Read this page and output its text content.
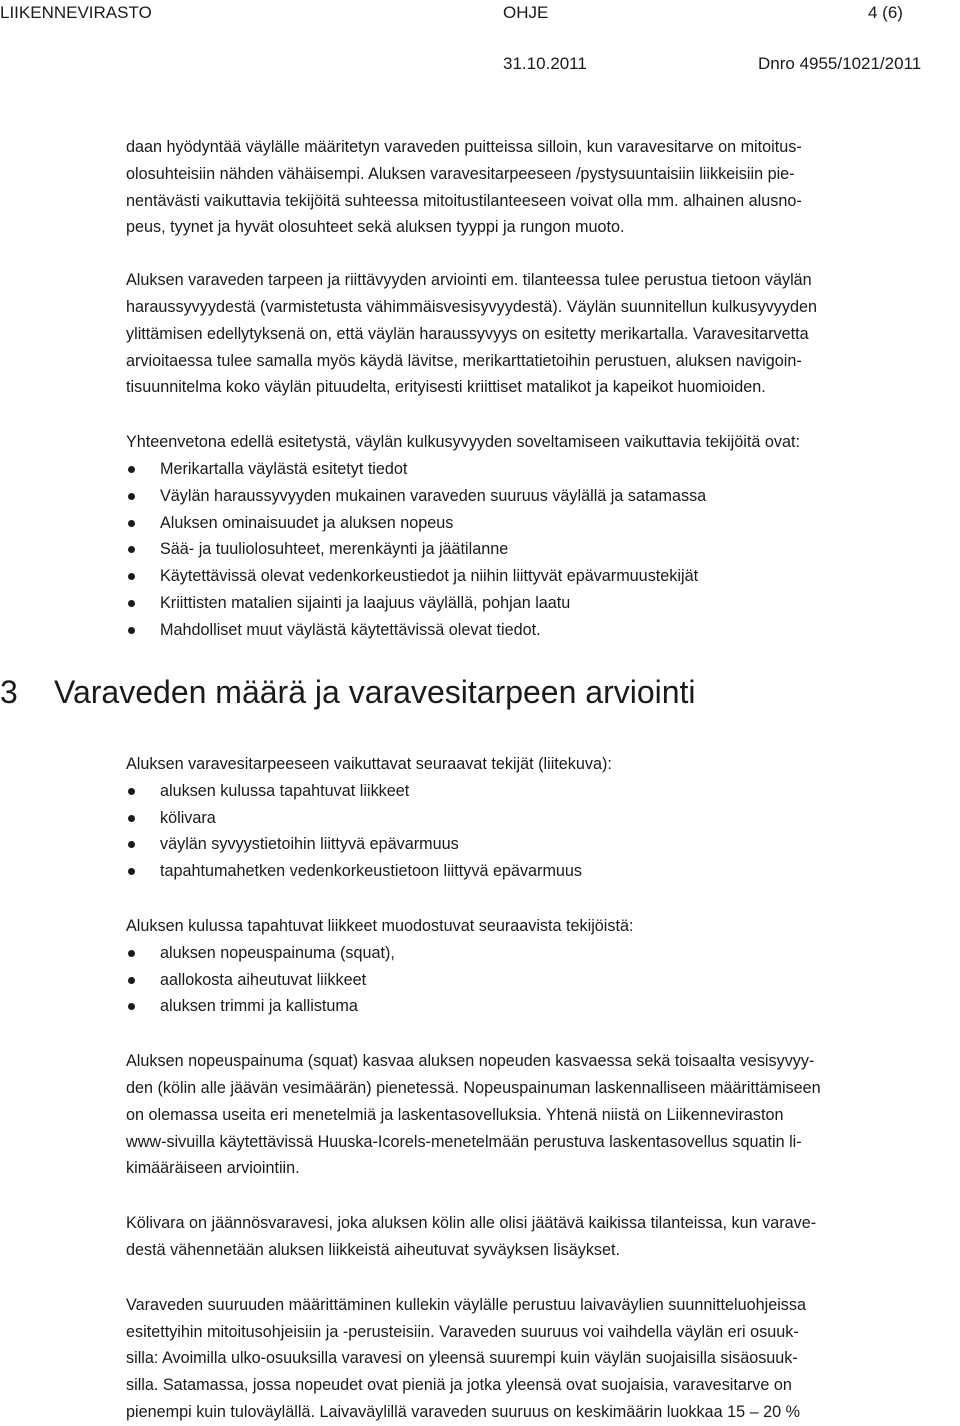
LIIKENNEVIRASTO	OHJE	4 (6)
31.10.2011	Dnro 4955/1021/2011

daan hyödyntää väylälle määritetyn varaveden puitteissa silloin, kun varavesitarve on mitoitus-
olosuhteisiin nähden vähäisempi. Aluksen varavesitarpeeseen /pystysuuntaisiin liikkeisiin pie-
nentävästi vaikuttavia tekijöitä suhteessa mitoitustilanteeseen voivat olla mm. alhainen alusno-
peus, tyynet ja hyvät olosuhteet sekä aluksen tyyppi ja rungon muoto.

Aluksen varaveden tarpeen ja riittävyyden arviointi em. tilanteessa tulee perustua tietoon väylän
haraussyvyydestä (varmistetusta vähimmäisvesisyvyydestä). Väylän suunnitellun kulkusyvyyden
ylittämisen edellytyksenä on, että väylän haraussyvyys on esitetty merikartalla. Varavesitarvetta
arvioitaessa tulee samalla myös käydä lävitse, merikarttatietoihin perustuen, aluksen navigoin-
tisuunnitelma koko väylän pituudelta, erityisesti kriittiset matalikot ja kapeikot huomioiden.

Yhteenvetona edellä esitetystä, väylän kulkusyvyyden soveltamiseen vaikuttavia tekijöitä ovat:

Merikartalla väylästä esitetyt tiedot
Väylän haraussyvyyden mukainen varaveden suuruus väylällä ja satamassa
Aluksen ominaisuudet ja aluksen nopeus
Sää- ja tuuliolosuhteet, merenkäynti ja jäätilanne
Käytettävissä olevat vedenkorkeustiedot ja niihin liittyvät epävarmuustekijät
Kriittisten matalien sijainti ja laajuus väylällä, pohjan laatu
Mahdolliset muut väylästä käytettävissä olevat tiedot.
3 Varaveden määrä ja varavesitarpeen arviointi

Aluksen varavesitarpeeseen vaikuttavat seuraavat tekijät (liitekuva):

aluksen kulussa tapahtuvat liikkeet
kölivara
väylän syvyystietoihin liittyvä epävarmuus
tapahtumahetken vedenkorkeustietoon liittyvä epävarmuus

Aluksen kulussa tapahtuvat liikkeet muodostuvat seuraavista tekijöistä:

aluksen nopeuspainuma (squat),
aallokosta aiheutuvat liikkeet
aluksen trimmi ja kallistuma

Aluksen nopeuspainuma (squat) kasvaa aluksen nopeuden kasvaessa sekä toisaalta vesisyvyy-
den (kölin alle jäävän vesimäärän) pienetessä. Nopeuspainuman laskennalliseen määrittämiseen
on olemassa useita eri menetelmiä ja laskentasovelluksia. Yhtenä niistä on Liikenneviraston
www-sivuilla käytettävissä Huuska-Icorels-menetelmään perustuva laskentasovellus squatin li-
kimääräiseen arviointiin.

Kölivara on jäännösvaravesi, joka aluksen kölin alle olisi jäätävä kaikissa tilanteissa, kun varave-
destä vähennetään aluksen liikkeistä aiheutuvat syväyksen lisäykset.

Varaveden suuruuden määrittäminen kullekin väylälle perustuu laivaväylien suunnitteluohjeissa
esitettyihin mitoitusohjeisiin ja -perusteisiin. Varaveden suuruus voi vaihdella väylän eri osuuk-
silla: Avoimilla ulko-osuuksilla varavesi on yleensä suurempi kuin väylän suojaisilla sisäosuuk-
silla. Satamassa, jossa nopeudet ovat pieniä ja jotka yleensä ovat suojaisia, varavesitarve on
pienempi kuin tuloväylällä. Laivaväylillä varaveden suuruus on keskimäärin luokkaa 15 – 20 %
